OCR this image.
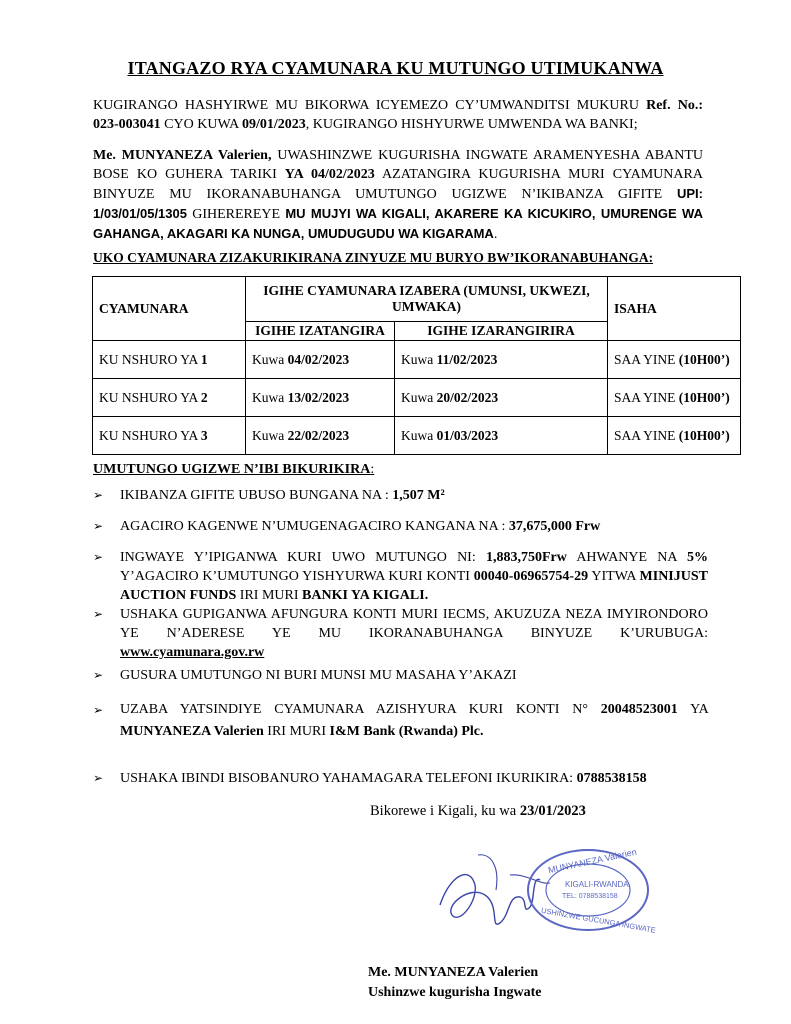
ITANGAZO RYA CYAMUNARA KU MUTUNGO UTIMUKANWA
KUGIRANGO HASHYIRWE MU BIKORWA ICYEMEZO CY’UMWANDITSI MUKURU Ref. No.: 023-003041 CYO KUWA 09/01/2023, KUGIRANGO HISHYURWE UMWENDA WA BANKI;
Me. MUNYANEZA Valerien, UWASHINZWE KUGURISHA INGWATE ARAMENYESHA ABANTU BOSE KO GUHERA TARIKI YA 04/02/2023 AZATANGIRA KUGURISHA MURI CYAMUNARA BINYUZE MU IKORANABUHANGA UMUTUNGO UGIZWE N’IKIBANZA GIFITE UPI: 1/03/01/05/1305 GIHEREREYE MU MUJYI WA KIGALI, AKARERE KA KICUKIRO, UMURENGE WA GAHANGA, AKAGARI KA NUNGA, UMUDUGUDU WA KIGARAMA.
UKO CYAMUNARA ZIZAKURIKIRANA ZINYUZE MU BURYO BW’IKORANABUHANGA:
CYAMUNARA	IGIHE CYAMUNARA IZABERA (UMUNSI, UKWEZI, UMWAKA)		ISAHA
	IGIHE IZATANGIRA	IGIHE IZARANGIRIRA	
KU NSHURO YA 1	Kuwa 04/02/2023	Kuwa 11/02/2023	SAA YINE (10H00’)
KU NSHURO YA 2	Kuwa 13/02/2023	Kuwa 20/02/2023	SAA YINE (10H00’)
KU NSHURO YA 3	Kuwa 22/02/2023	Kuwa 01/03/2023	SAA YINE (10H00’)
UMUTUNGO UGIZWE N’IBI BIKURIKIRA:
➢ IKIBANZA GIFITE UBUSO BUNGANA NA : 1,507 M²
➢ AGACIRO KAGENWE N’UMUGENAGACIRO KANGANA NA : 37,675,000 Frw
➢ INGWAYE Y’IPIGANWA KURI UWO MUTUNGO NI: 1,883,750Frw AHWANYE NA 5% Y’AGACIRO K’UMUTUNGO YISHYURWA KURI KONTI 00040-06965754-29 YITWA MINIJUST AUCTION FUNDS IRI MURI BANKI YA KIGALI.
➢ USHAKA GUPIGANWA AFUNGURA KONTI MURI IECMS, AKUZUZA NEZA IMYIRONDORO YE N’ADERESE YE MU IKORANABUHANGA BINYUZE K’URUBUGA: www.cyamunara.gov.rw
➢ GUSURA UMUTUNGO NI BURI MUNSI MU MASAHA Y’AKAZI
➢ UZABA YATSINDIYE CYAMUNARA AZISHYURA KURI KONTI N° 20048523001 YA MUNYANEZA Valerien IRI MURI I&M Bank (Rwanda) Plc.
➢ USHAKA IBINDI BISOBANURO YAHAMAGARA TELEFONI IKURIKIRA: 0788538158
Bikorewe i Kigali, ku wa 23/01/2023
MUNYANEZA Valerien
KIGALI-RWANDA
TEL: 0788538158
USHINZWE GUCUNGA INGWATE
Me. MUNYANEZA Valerien
Ushinzwe kugurisha Ingwate
